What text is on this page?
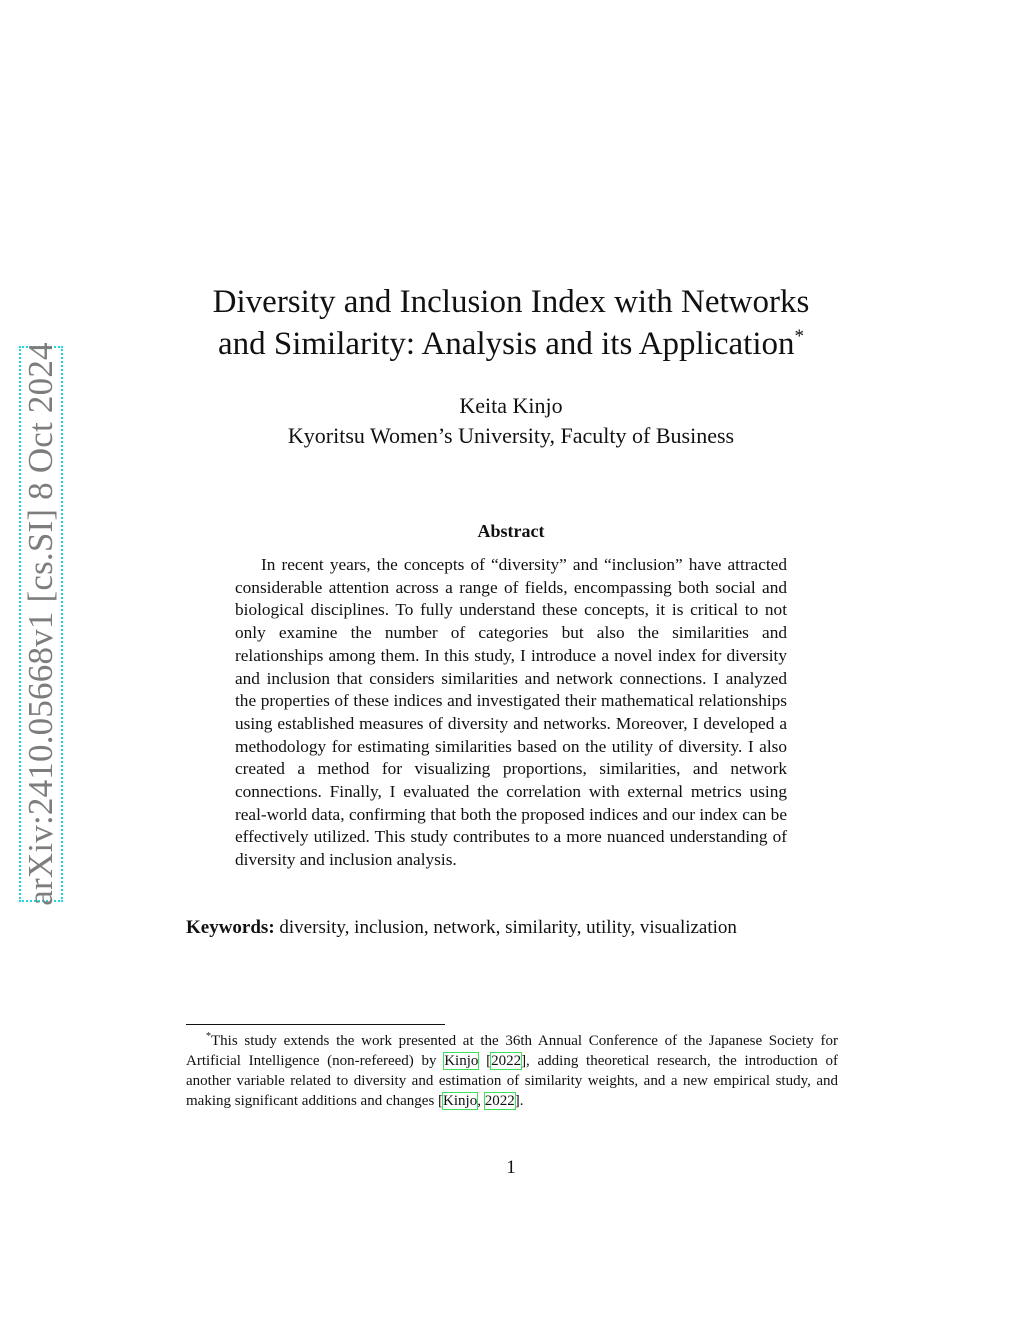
arXiv:2410.05668v1 [cs.SI] 8 Oct 2024
Diversity and Inclusion Index with Networks
and Similarity: Analysis and its Application*
Keita Kinjo
Kyoritsu Women’s University, Faculty of Business
Abstract
In recent years, the concepts of “diversity” and “inclusion” have attracted considerable attention across a range of fields, encompassing both social and biological disciplines. To fully understand these concepts, it is critical to not only examine the number of categories but also the similarities and relationships among them. In this study, I introduce a novel index for diversity and inclusion that considers similarities and network connections. I analyzed the properties of these indices and investigated their mathematical relationships using established measures of diversity and networks. Moreover, I developed a methodology for estimating similarities based on the utility of diversity. I also created a method for visualizing proportions, similarities, and network connections. Finally, I evaluated the correlation with external metrics using real-world data, confirming that both the proposed indices and our index can be effectively utilized. This study contributes to a more nuanced understanding of diversity and inclusion analysis.
Keywords: diversity, inclusion, network, similarity, utility, visualization
*This study extends the work presented at the 36th Annual Conference of the Japanese Society for Artificial Intelligence (non-refereed) by Kinjo [2022], adding theoretical research, the introduction of another variable related to diversity and estimation of similarity weights, and a new empirical study, and making significant additions and changes [Kinjo, 2022].
1
